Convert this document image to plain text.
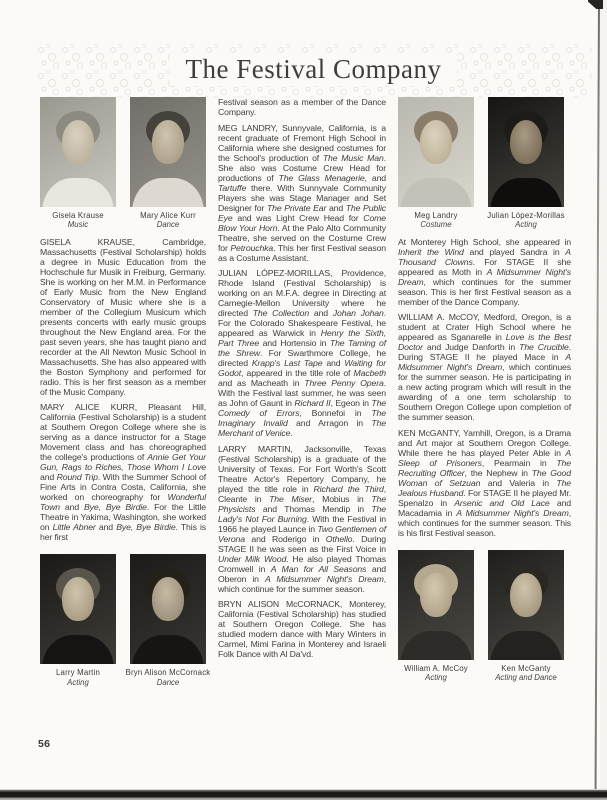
The Festival Company
Gisela Krause
Music
Mary Alice Kurr
Dance

GISELA KRAUSE, Cambridge, Massachusetts (Festival Scholarship) holds a degree in Music Education from the Hochschule fur Musik in Freiburg, Germany. She is working on her M.M. in Performance of Early Music from the New England Conservatory of Music where she is a member of the Collegium Musicum which presents concerts with early music groups throughout the New England area. For the past seven years, she has taught piano and recorder at the All Newton Music School in Massachusetts. She has also appeared with the Boston Symphony and performed for radio. This is her first season as a member of the Music Company.

MARY ALICE KURR, Pleasant Hill, California (Festival Scholarship) is a student at Southern Oregon College where she is serving as a dance instructor for a Stage Movement class and has choreographed the college's productions of Annie Get Your Gun, Rags to Riches, Those Whom I Love and Round Trip. With the Summer School of Fine Arts in Contra Costa, California, she worked on choreography for Wonderful Town and Bye, Bye Birdie. For the Little Theatre in Yakima, Washington, she worked on Little Abner and Bye, Bye Birdie. This is her first

Larry Martin
Acting
Bryn Alison McCornack
Dance

Festival season as a member of the Dance Company.

MEG LANDRY, Sunnyvale, California, is a recent graduate of Fremont High School in California where she designed costumes for the School's production of The Music Man. She also was Costume Crew Head for productions of The Glass Menagerie, and Tartuffe there. With Sunnyvale Community Players she was Stage Manager and Set Designer for The Private Ear and The Public Eye and was Light Crew Head for Come Blow Your Horn. At the Palo Alto Community Theatre, she served on the Costume Crew for Petrouchka. This her first Festival season as a Costume Assistant.

JULIAN LÓPEZ-MORILLAS, Providence, Rhode Island (Festival Scholarship) is working on an M.F.A. degree in Directing at Carnegie-Mellon University where he directed The Collection and Johan Johan. For the Colorado Shakespeare Festival, he appeared as Warwick in Henry the Sixth, Part Three and Hortensio in The Taming of the Shrew. For Swarthmore College, he directed Krapp's Last Tape and Waiting for Godot, appeared in the title role of Macbeth and as Macheath in Three Penny Opera. With the Festival last summer, he was seen as John of Gaunt in Richard II, Egeon in The Comedy of Errors, Bonnefoi in The Imaginary Invalid and Arragon in The Merchant of Venice.

LARRY MARTIN, Jacksonville, Texas (Festival Scholarship) is a graduate of the University of Texas. For Fort Worth's Scott Theatre Actor's Repertory Company, he played the title role in Richard the Third, Cleante in The Miser, Mobius in The Physicists and Thomas Mendip in The Lady's Not For Burning. With the Festival in 1966 he played Launce in Two Gentlemen of Verona and Roderigo in Othello. During STAGE II he was seen as the First Voice in Under Milk Wood. He also played Thomas Cromwell in A Man for All Seasons and Oberon in A Midsummer Night's Dream, which continue for the summer season.

BRYN ALISON McCORNACK, Monterey, California (Festival Scholarship) has studied at Southern Oregon College. She has studied modern dance with Mary Winters in Carmel, Mimi Farina in Monterey and Israeli Folk Dance with Al Da'vd.

Meg Landry
Costume
Julian López-Morillas
Acting

At Monterey High School, she appeared in Inherit the Wind and played Sandra in A Thousand Clowns. For STAGE II she appeared as Moth in A Midsummer Night's Dream, which continues for the summer season. This is her first Festival season as a member of the Dance Company.

WILLIAM A. McCOY, Medford, Oregon, is a student at Crater High School where he appeared as Sganarelle in Love is the Best Doctor and Judge Danforth in The Crucible. During STAGE II he played Mace in A Midsummer Night's Dream, which continues for the summer season. He is participating in a new acting program which will result in the awarding of a one term scholarship to Southern Oregon College upon completion of the summer season.

KEN McGANTY, Yamhill, Oregon, is a Drama and Art major at Southern Oregon College. While there he has played Peter Able in A Sleep of Prisoners, Pearmain in The Recruiting Officer, the Nephew in The Good Woman of Setzuan and Valeria in The Jealous Husband. For STAGE II he played Mr. Spenalzo in Arsenic and Old Lace and Macadamia in A Midsummer Night's Dream, which continues for the summer season. This is his first Festival season.

William A. McCoy
Acting
Ken McGanty
Acting and Dance
56
